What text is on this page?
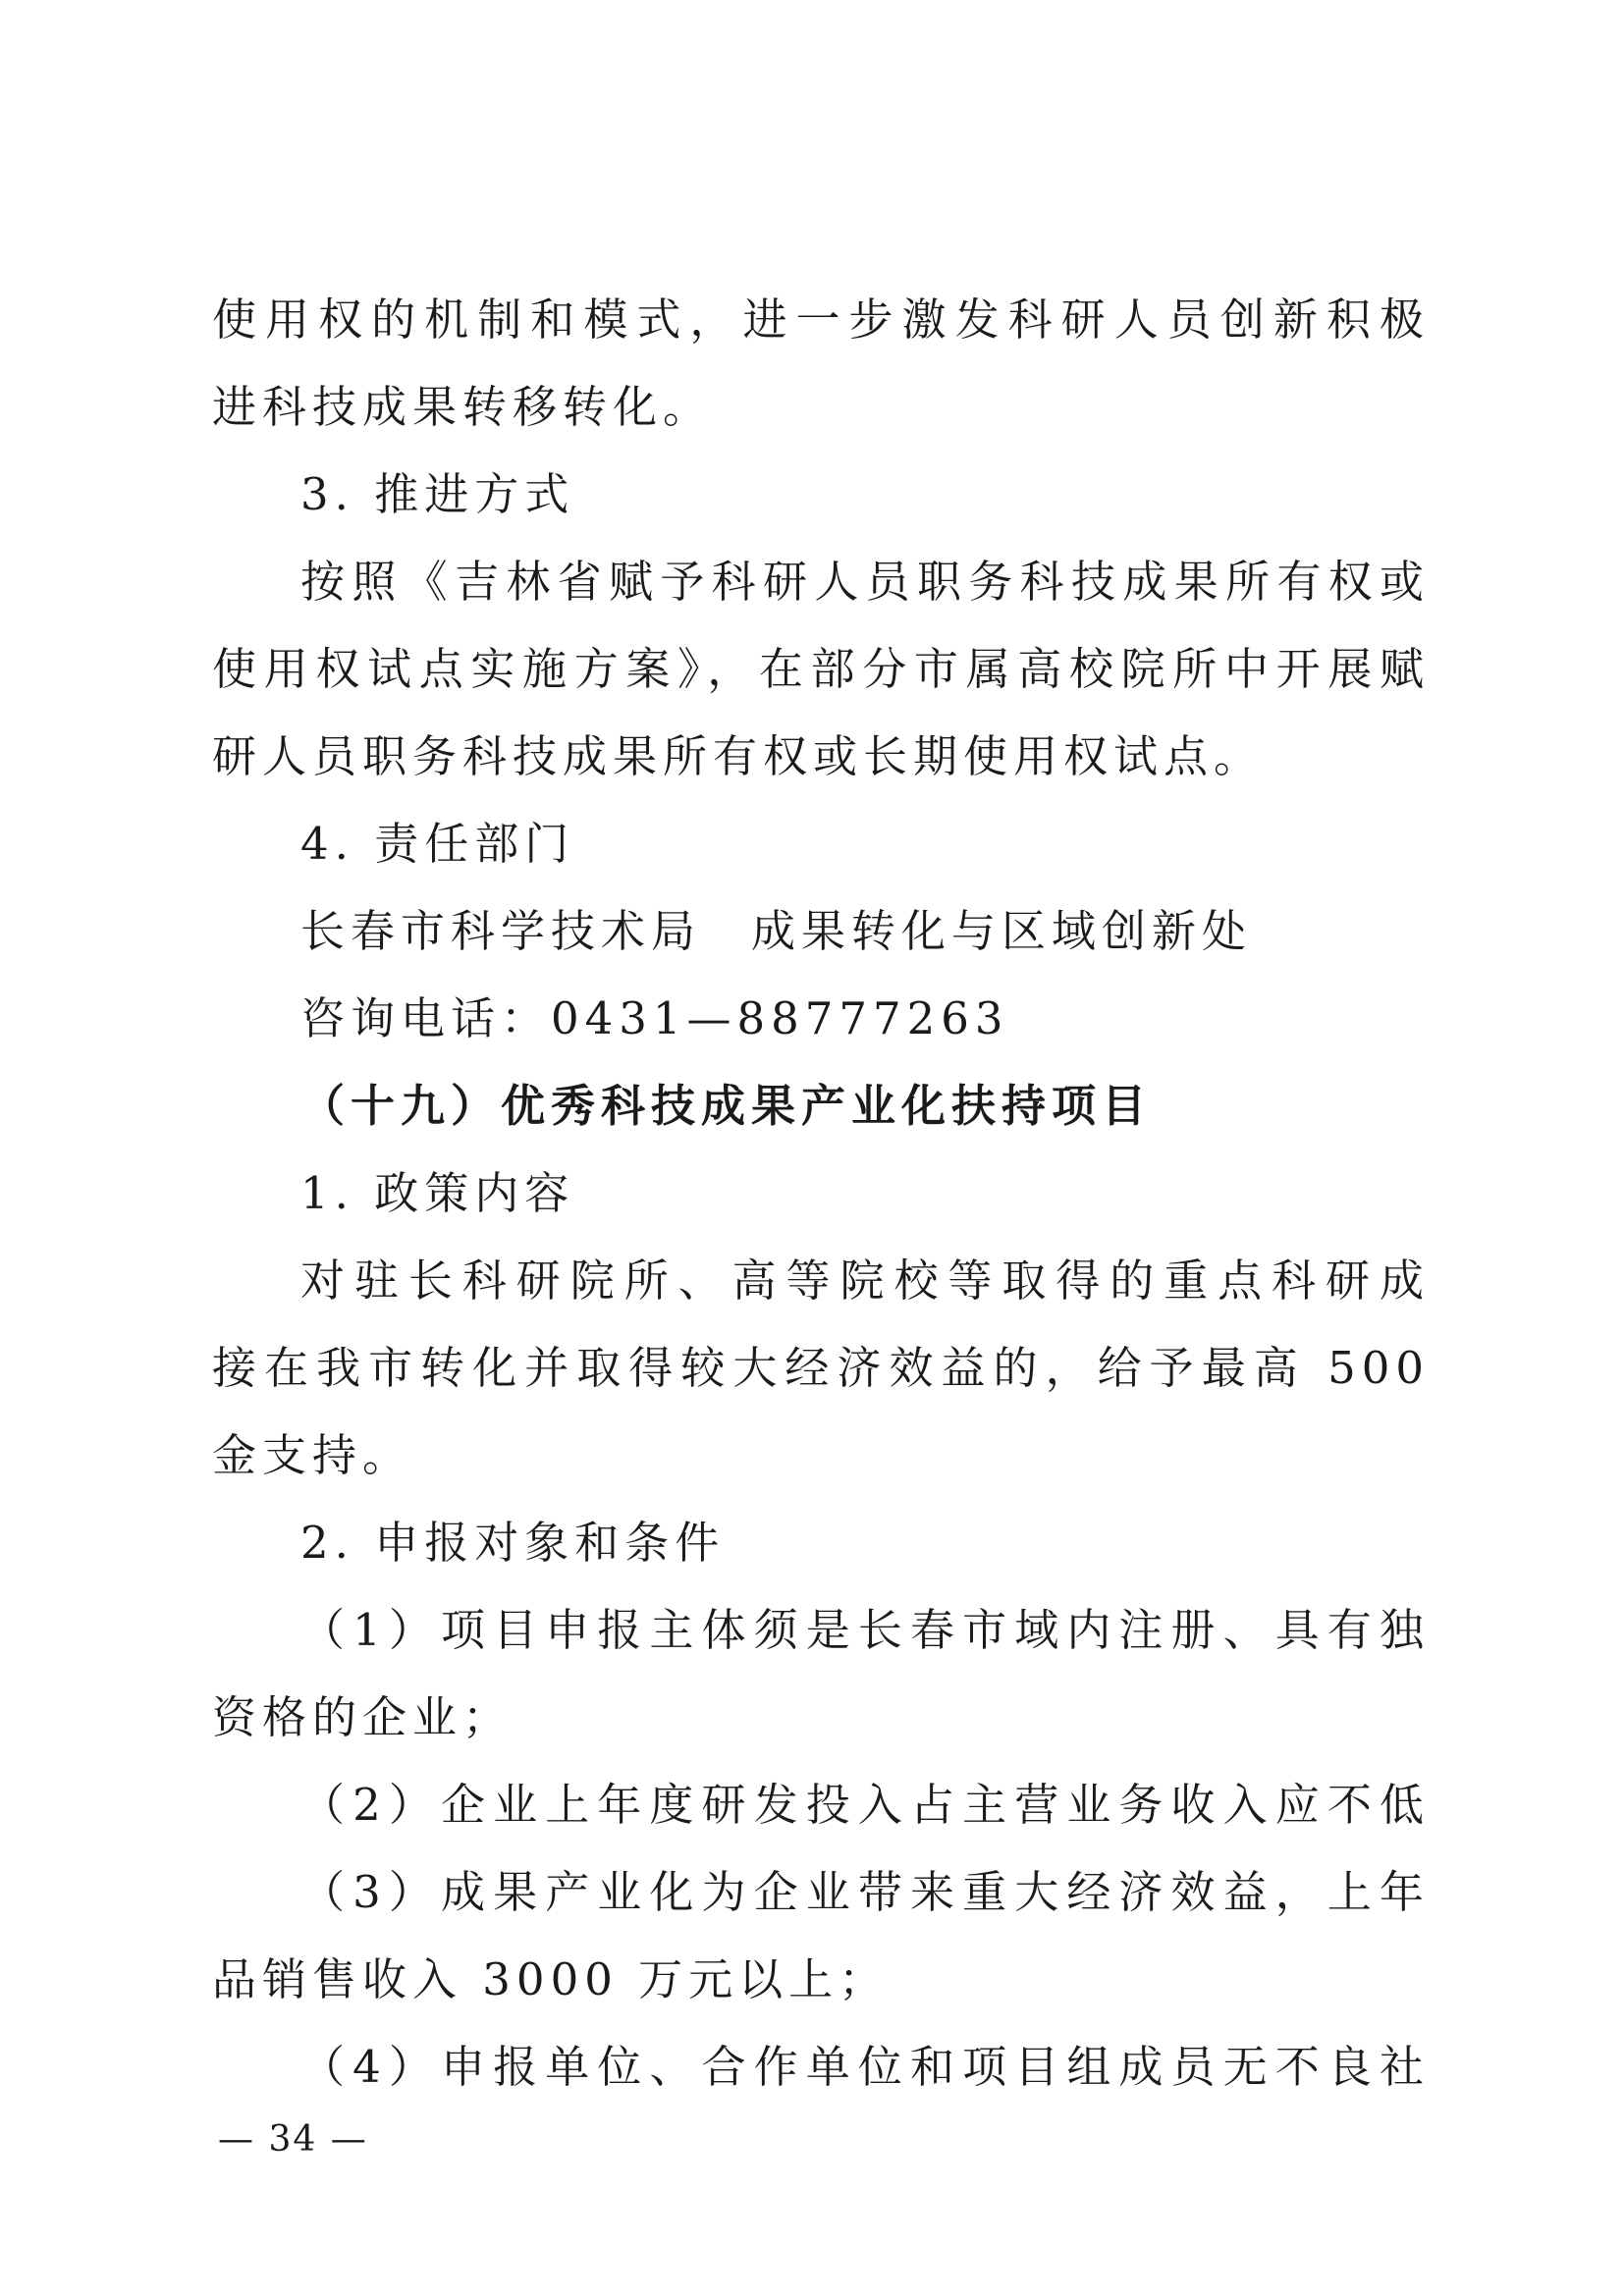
使用权的机制和模式，进一步激发科研人员创新积极
进科技成果转移转化。
3. 推进方式
按照《吉林省赋予科研人员职务科技成果所有权或
使用权试点实施方案》，在部分市属高校院所中开展赋
研人员职务科技成果所有权或长期使用权试点。
4. 责任部门
长春市科学技术局　成果转化与区域创新处
咨询电话：0431—88777263
（十九）优秀科技成果产业化扶持项目
1. 政策内容
对驻长科研院所、高等院校等取得的重点科研成
接在我市转化并取得较大经济效益的，给予最高 500
金支持。
2. 申报对象和条件
（1）项目申报主体须是长春市域内注册、具有独
资格的企业；
（2）企业上年度研发投入占主营业务收入应不低
（3）成果产业化为企业带来重大经济效益，上年
品销售收入 3000 万元以上；
（4）申报单位、合作单位和项目组成员无不良社
— 34 —
